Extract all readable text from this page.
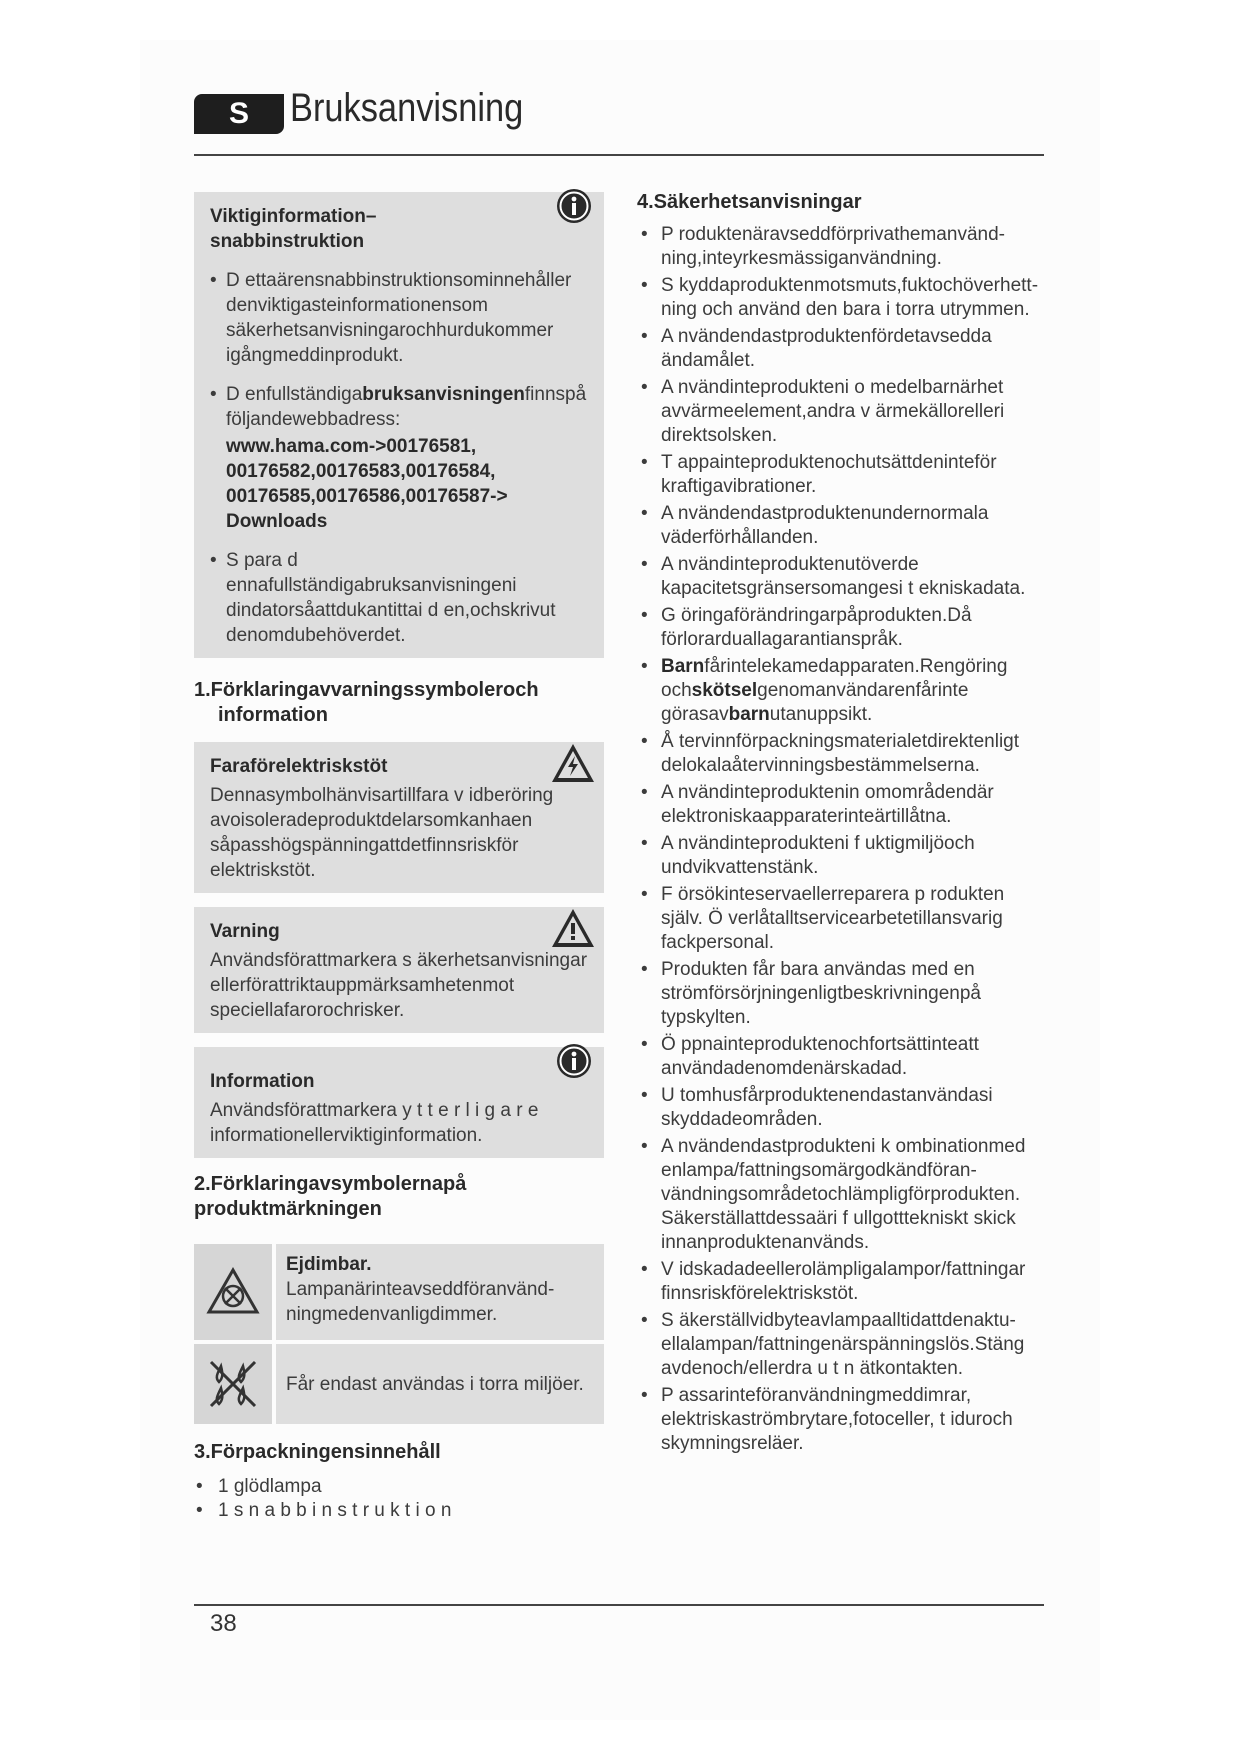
S	Bruksanvisning
Viktiginformation– snabbinstruktion
• D ettaärensnabbinstruktionsominnehåller denviktigasteinformationensom säkerhetsanvisningarochhurdukommer igångmeddinprodukt.
• D enfullständigabruksanvisningenfinnspå följandewebbadress:
www.hama.com->00176581, 00176582,00176583,00176584, 00176585,00176586,00176587-> Downloads
• S para d ennafullständigabruksanvisningeni dindatorsåattdukantittai d en,ochskrivut denomdubehöverdet.
1.Förklaringavvarningssymboleroch
information
Faraförelektriskstöt
Dennasymbolhänvisartillfara v idberöring avoisoleradeproduktdelarsomkanhaen såpasshögspänningattdetfinnsriskför elektriskstöt.
Varning
Användsförattmarkera s äkerhetsanvisningar ellerförattriktauppmärksamhetenmot speciellafarorochrisker.
Information
Användsförattmarkera y t t e r l i g a r e informationellerviktiginformation.
2.Förklaringavsymbolernapå
produktmärkningen
Ejdimbar.
Lampanärinteavseddföranvänd- ningmedenvanligdimmer.
Får endast användas i torra miljöer.
3.Förpackningensinnehåll
• 1 glödlampa
• 1 s n a b b i n s t r u k t i o n
4.Säkerhetsanvisningar
• P roduktenäravseddförprivathemanvänd- ning,inteyrkesmässiganvändning.
• S kyddaproduktenmotsmuts,fuktochöverhett- ning och använd den bara i torra utrymmen.
• A nvändendastproduktenfördetavsedda ändamålet.
• A nvändinteprodukteni o medelbarnärhet avvärmeelement,andra v ärmekällorelleri direktsolsken.
• T appainteproduktenochutsättdeninteför kraftigavibrationer.
• A nvändendastproduktenundernormala väderförhållanden.
• A nvändinteproduktenutöverde kapacitetsgränsersomangesi t ekniskadata.
• G öringaförändringarpåprodukten.Då förlorarduallagarantianspråk.
• Barnfårintelekamedapparaten.Rengöring ochskötselgenomanvändarenfårinte görasavbarnutanuppsikt.
• Å tervinnförpackningsmaterialetdirektenligt delokalaåtervinningsbestämmelserna.
• A nvändinteproduktenin omområdendär elektroniskaapparaterinteärtillåtna.
• A nvändinteprodukteni f uktigmiljöoch undvikvattenstänk.
• F örsökinteservaellerreparera p rodukten själv. Ö verlåtalltservicearbetetillansvarig fackpersonal.
• Produkten får bara användas med en strömförsörjningenligtbeskrivningenpå typskylten.
• Ö ppnainteproduktenochfortsättinteatt användadenomdenärskadad.
• U tomhusfårproduktenendastanvändasi skyddadeområden.
• A nvändendastprodukteni k ombinationmed enlampa/fattningsomärgodkändföran- vändningsområdetochlämpligförprodukten. Säkerställattdessaäri f ullgotttekniskt skick innanproduktenanvänds.
• V idskadadeellerolämpligalampor/fattningar finnsriskförelektriskstöt.
• S äkerställvidbyteavlampaalltidattdenaktu- ellalampan/fattningenärspänningslös.Stäng avdenoch/ellerdra u t n ätkontakten.
• P assarinteföranvändningmeddimrar, elektriskaströmbrytare,fotoceller, t iduroch skymningsreläer.
38
